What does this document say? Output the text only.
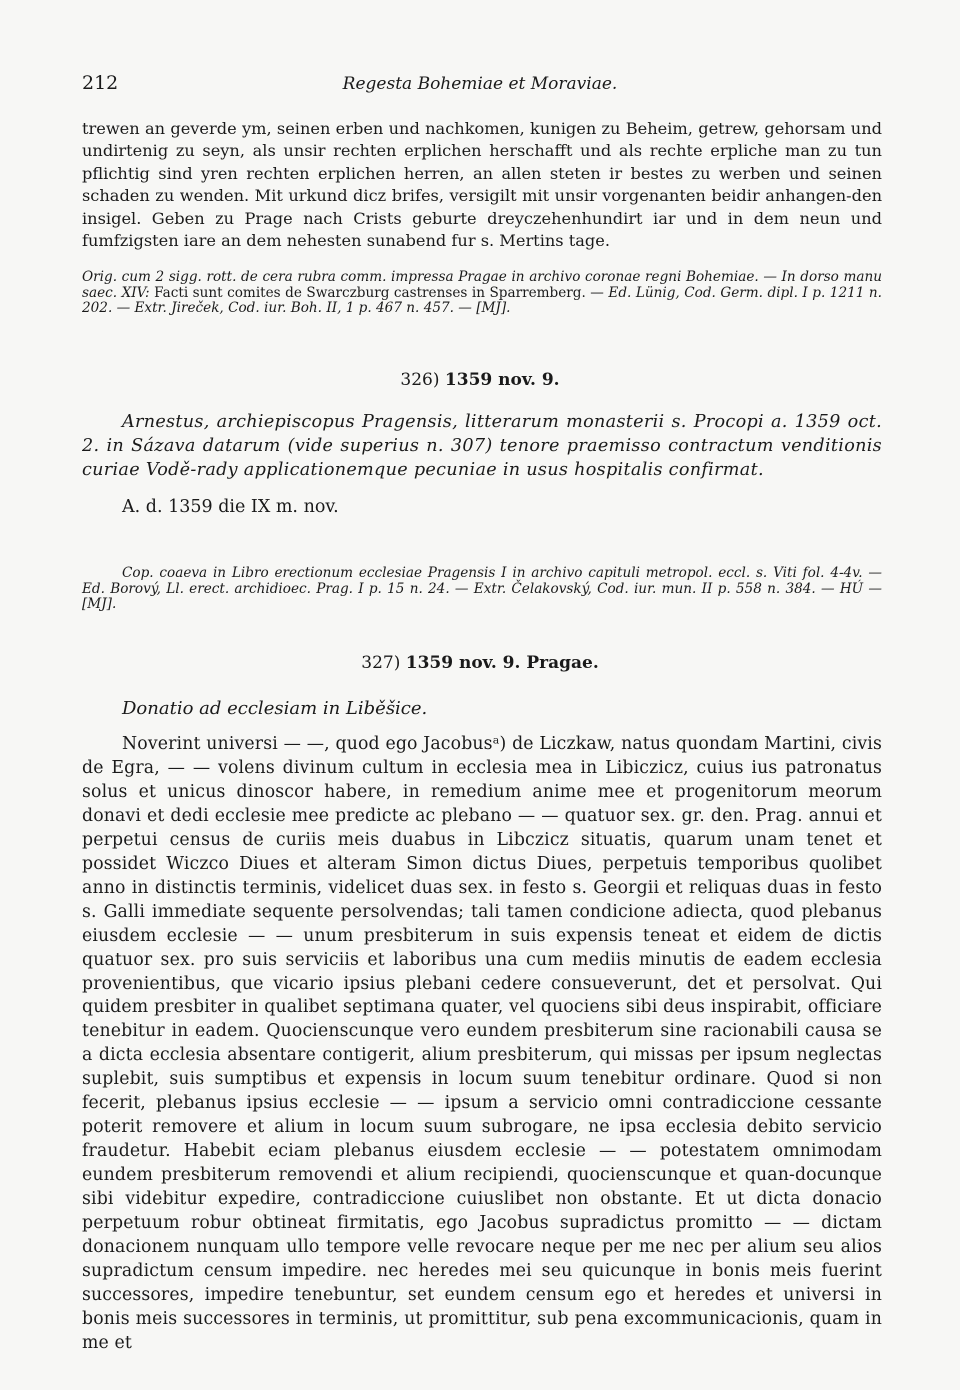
212	Regesta Bohemiae et Moraviae.

trewen an geverde ym, seinen erben und nachkomen, kunigen zu Beheim, getrew, gehorsam und undirtenig zu seyn, als unsir rechten erplichen herschafft und als rechte erpliche man zu tun pflichtig sind yren rechten erplichen herren, an allen steten ir bestes zu werben und seinen schaden zu wenden. Mit urkund dicz brifes, versigilt mit unsir vorgenanten beidir anhangen-den insigel. Geben zu Prage nach Crists geburte dreyczehenhundirt iar und in dem neun und fumfzigsten iare an dem nehesten sunabend fur s. Mertins tage.

Orig. cum 2 sigg. rott. de cera rubra comm. impressa Pragae in archivo coronae regni Bohemiae. — In dorso manu saec. XIV: Facti sunt comites de Swarczburg castrenses in Sparremberg. — Ed. Lünig, Cod. Germ. dipl. I p. 1211 n. 202. — Extr. Jireček, Cod. iur. Boh. II, 1 p. 467 n. 457. — [MJ].

326) 1359 nov. 9.

Arnestus, archiepiscopus Pragensis, litterarum monasterii s. Procopi a. 1359 oct. 2. in Sázava datarum (vide superius n. 307) tenore praemisso contractum venditionis curiae Vodě-rady applicationemque pecuniae in usus hospitalis confirmat.

A. d. 1359 die IX m. nov.

Cop. coaeva in Libro erectionum ecclesiae Pragensis I in archivo capituli metropol. eccl. s. Viti fol. 4-4v. — Ed. Borový, Ll. erect. archidioec. Prag. I p. 15 n. 24. — Extr. Čelakovský, Cod. iur. mun. II p. 558 n. 384. — HÚ — [MJ].

327) 1359 nov. 9. Pragae.
Donatio ad ecclesiam in Liběšice.

Noverint universi — —, quod ego Jacobusᵃ) de Liczkaw, natus quondam Martini, civis de Egra, — — volens divinum cultum in ecclesia mea in Libiczicz, cuius ius patronatus solus et unicus dinoscor habere, in remedium anime mee et progenitorum meorum donavi et dedi ecclesie mee predicte ac plebano — — quatuor sex. gr. den. Prag. annui et perpetui census de curiis meis duabus in Libczicz situatis, quarum unam tenet et possidet Wiczco Diues et alteram Simon dictus Diues, perpetuis temporibus quolibet anno in distinctis terminis, videlicet duas sex. in festo s. Georgii et reliquas duas in festo s. Galli immediate sequente persolvendas; tali tamen condicione adiecta, quod plebanus eiusdem ecclesie — — unum presbiterum in suis expensis teneat et eidem de dictis quatuor sex. pro suis serviciis et laboribus una cum mediis minutis de eadem ecclesia provenientibus, que vicario ipsius plebani cedere consueverunt, det et persolvat. Qui quidem presbiter in qualibet septimana quater, vel quociens sibi deus inspirabit, officiare tenebitur in eadem. Quocienscunque vero eundem presbiterum sine racionabili causa se a dicta ecclesia absentare contigerit, alium presbiterum, qui missas per ipsum neglectas suplebit, suis sumptibus et expensis in locum suum tenebitur ordinare. Quod si non fecerit, plebanus ipsius ecclesie — — ipsum a servicio omni contradiccione cessante poterit removere et alium in locum suum subrogare, ne ipsa ecclesia debito servicio fraudetur. Habebit eciam plebanus eiusdem ecclesie — — potestatem omnimodam eundem presbiterum removendi et alium recipiendi, quocienscunque et quan-docunque sibi videbitur expedire, contradiccione cuiuslibet non obstante. Et ut dicta donacio perpetuum robur obtineat firmitatis, ego Jacobus supradictus promitto — — dictam donacionem nunquam ullo tempore velle revocare neque per me nec per alium seu alios supradictum censum impedire. nec heredes mei seu quicunque in bonis meis fuerint successores, impedire tenebuntur, set eundem censum ego et heredes et universi in bonis meis successores in terminis, ut promittitur, sub pena excommunicacionis, quam in me et
